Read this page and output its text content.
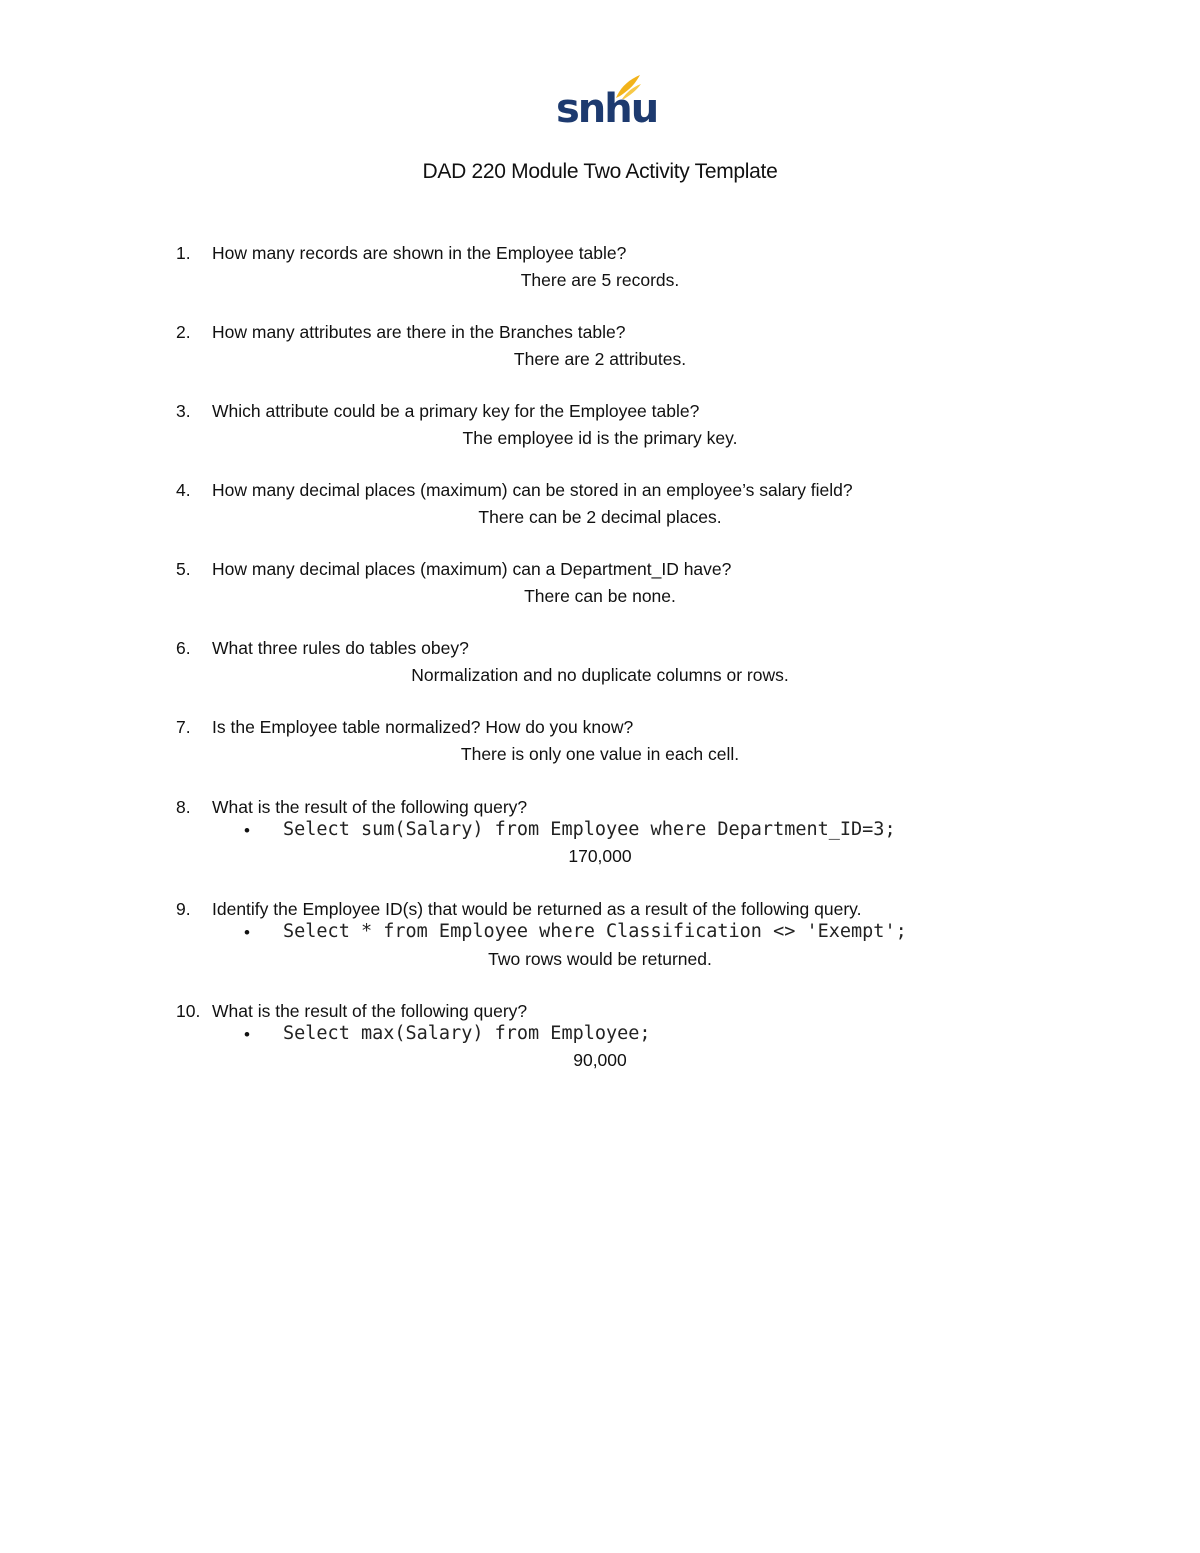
snhu
DAD 220 Module Two Activity Template
1. How many records are shown in the Employee table?
There are 5 records.
2. How many attributes are there in the Branches table?
There are 2 attributes.
3. Which attribute could be a primary key for the Employee table?
The employee id is the primary key.
4. How many decimal places (maximum) can be stored in an employee’s salary field?
There can be 2 decimal places.
5. How many decimal places (maximum) can a Department_ID have?
There can be none.
6. What three rules do tables obey?
Normalization and no duplicate columns or rows.
7. Is the Employee table normalized? How do you know?
There is only one value in each cell.
8. What is the result of the following query?
• Select sum(Salary) from Employee where Department_ID=3;
170,000
9. Identify the Employee ID(s) that would be returned as a result of the following query.
• Select * from Employee where Classification <> 'Exempt';
Two rows would be returned.
10. What is the result of the following query?
• Select max(Salary) from Employee;
90,000
